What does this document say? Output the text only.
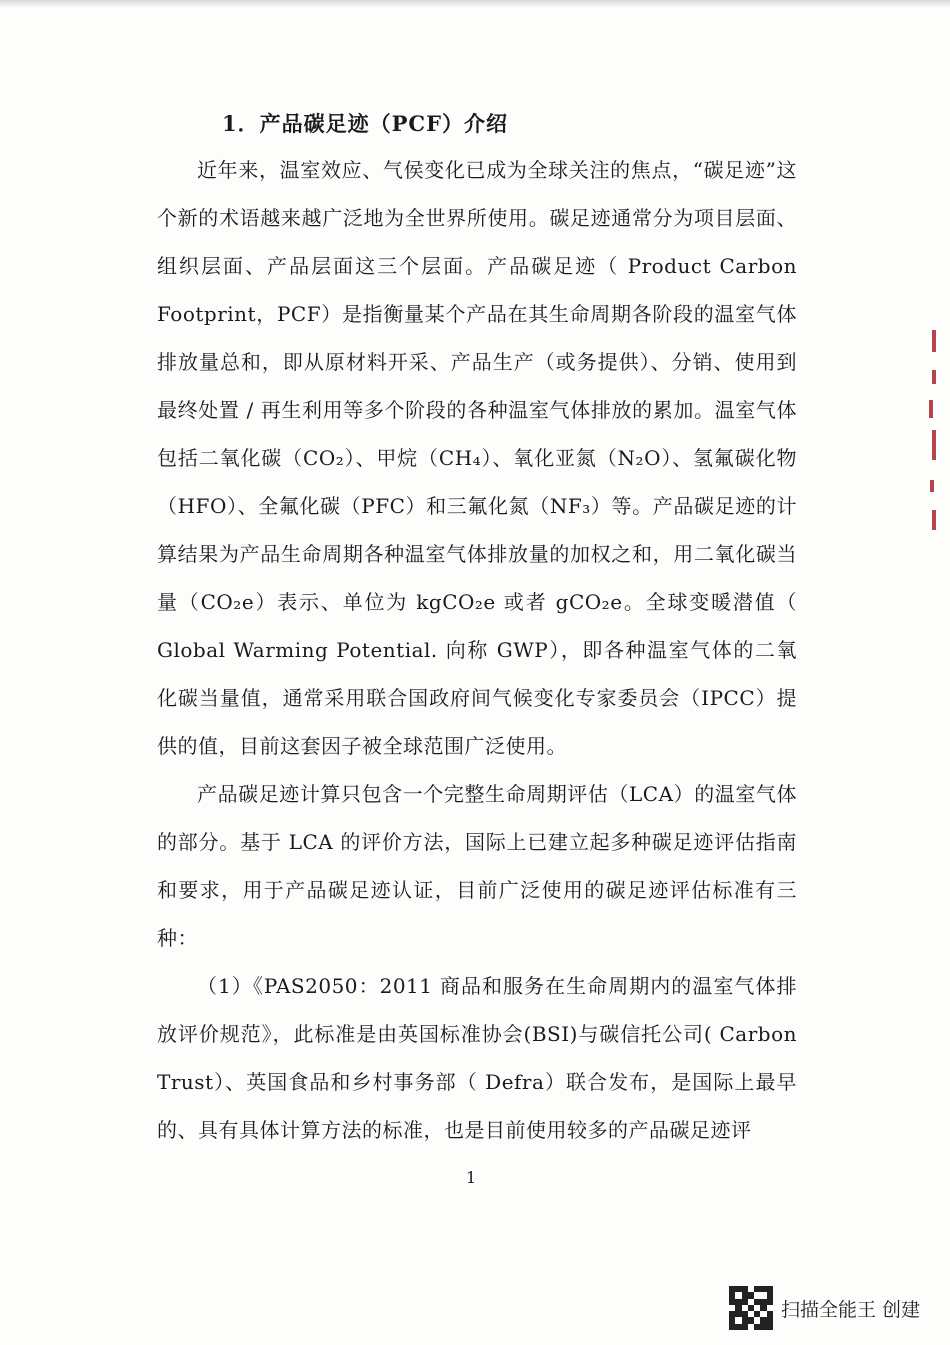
1．产品碳足迹（PCF）介绍

近年来，温室效应、气侯变化已成为全球关注的焦点，“碳足迹”这个新的术语越来越广泛地为全世界所使用。碳足迹通常分为项目层面、组织层面、产品层面这三个层面。产品碳足迹（ Product Carbon Footprint，PCF）是指衡量某个产品在其生命周期各阶段的温室气体排放量总和，即从原材料开采、产品生产（或务提供）、分销、使用到最终处置 / 再生利用等多个阶段的各种温室气体排放的累加。温室气体包括二氧化碳（CO₂）、甲烷（CH₄）、氧化亚氮（N₂O）、氢氟碳化物（HFO）、全氟化碳（PFC）和三氟化氮（NF₃）等。产品碳足迹的计算结果为产品生命周期各种温室气体排放量的加权之和，用二氧化碳当量（CO₂e）表示、单位为 kgCO₂e 或者 gCO₂e。全球变暖潜值（ Global Warming Potential. 向称 GWP），即各种温室气体的二氧化碳当量值，通常采用联合国政府间气候变化专家委员会（IPCC）提供的值，目前这套因子被全球范围广泛使用。

产品碳足迹计算只包含一个完整生命周期评估（LCA）的温室气体的部分。基于 LCA 的评价方法，国际上已建立起多种碳足迹评估指南和要求，用于产品碳足迹认证，目前广泛使用的碳足迹评估标准有三种：

（1）《PAS2050：2011 商品和服务在生命周期内的温室气体排放评价规范》，此标准是由英国标准协会(BSI)与碳信托公司( Carbon Trust）、英国食品和乡村事务部（ Defra）联合发布，是国际上最早的、具有具体计算方法的标准，也是目前使用较多的产品碳足迹评

1
扫描全能王 创建
